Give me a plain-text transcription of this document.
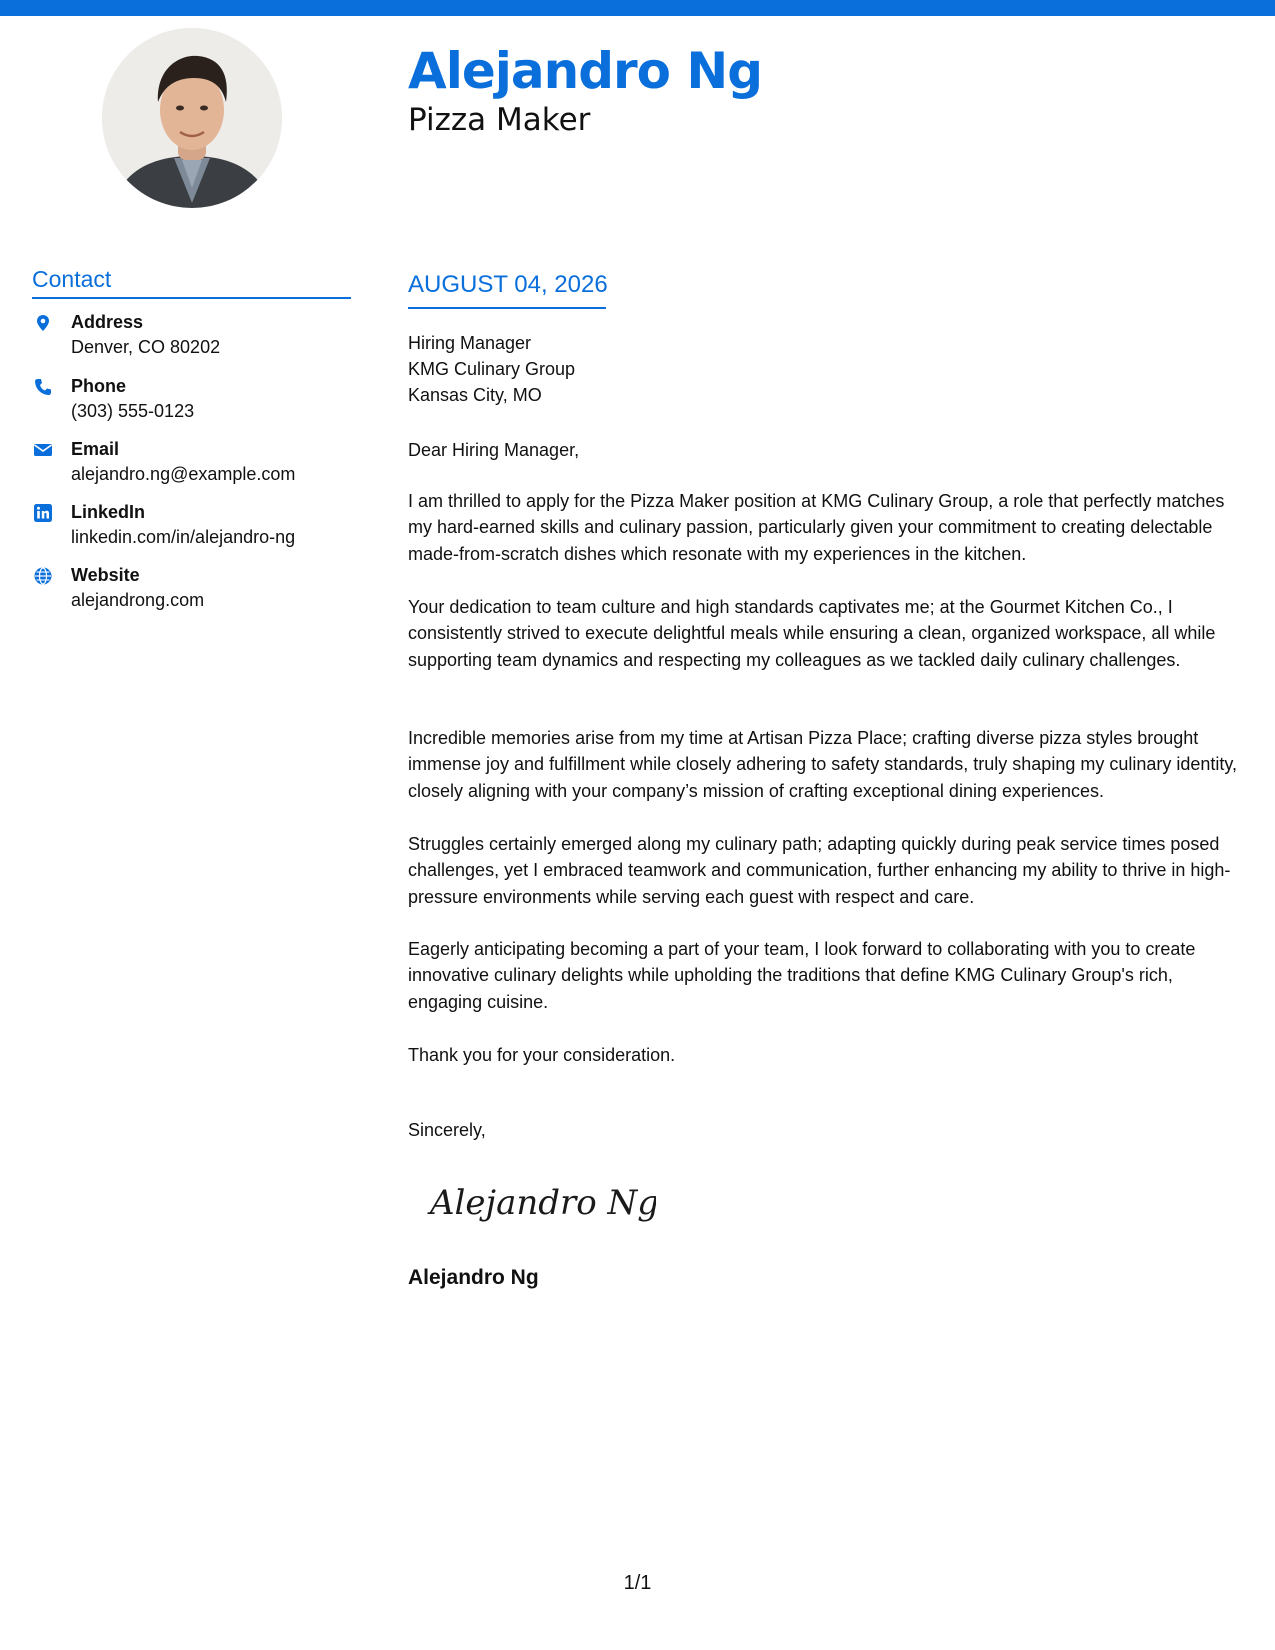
Alejandro Ng
Pizza Maker
Contact
Address
Denver, CO 80202
Phone
(303) 555-0123
Email
alejandro.ng@example.com
LinkedIn
linkedin.com/in/alejandro-ng
Website
alejandrong.com
AUGUST 04, 2026
Hiring Manager
KMG Culinary Group
Kansas City, MO
Dear Hiring Manager,

I am thrilled to apply for the Pizza Maker position at KMG Culinary Group, a role that perfectly matches my hard-earned skills and culinary passion, particularly given your commitment to creating delectable made-from-scratch dishes which resonate with my experiences in the kitchen.

Your dedication to team culture and high standards captivates me; at the Gourmet Kitchen Co., I consistently strived to execute delightful meals while ensuring a clean, organized workspace, all while supporting team dynamics and respecting my colleagues as we tackled daily culinary challenges.

Incredible memories arise from my time at Artisan Pizza Place; crafting diverse pizza styles brought immense joy and fulfillment while closely adhering to safety standards, truly shaping my culinary identity, closely aligning with your company’s mission of crafting exceptional dining experiences.

Struggles certainly emerged along my culinary path; adapting quickly during peak service times posed challenges, yet I embraced teamwork and communication, further enhancing my ability to thrive in high-pressure environments while serving each guest with respect and care.

Eagerly anticipating becoming a part of your team, I look forward to collaborating with you to create innovative culinary delights while upholding the traditions that define KMG Culinary Group's rich, engaging cuisine.

Thank you for your consideration.

Sincerely,
Alejandro Ng
Alejandro Ng
1/1
